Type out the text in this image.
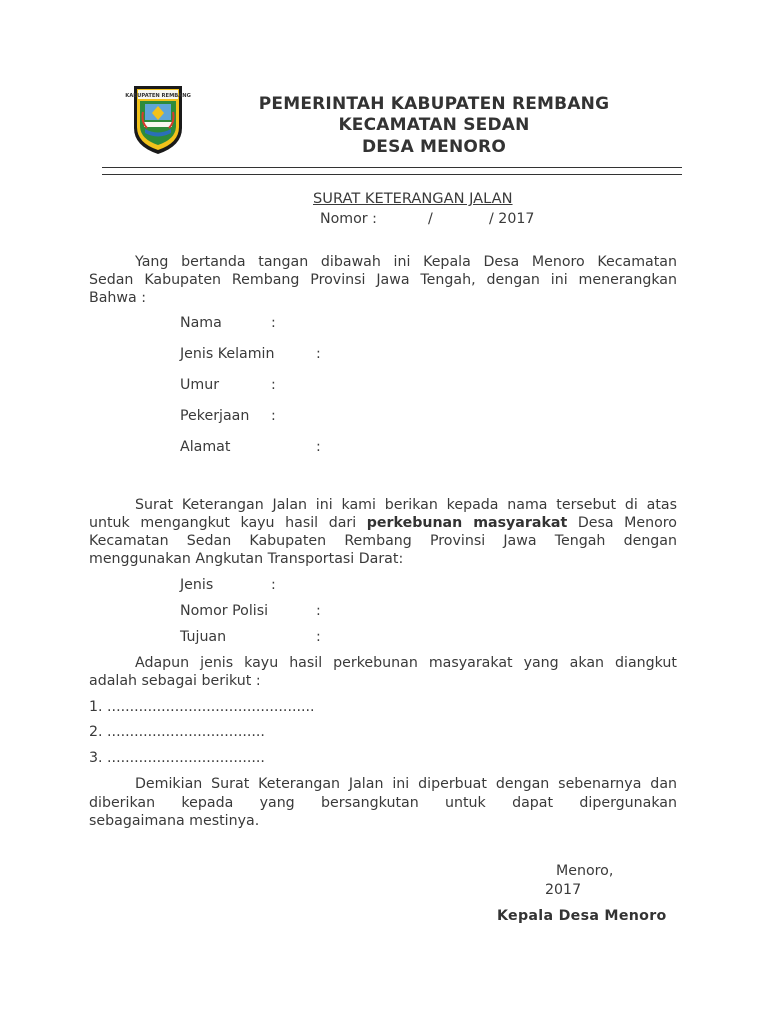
KABUPATEN REMBANG	PEMERINTAH KABUPATEN REMBANG
KECAMATAN SEDAN
DESA MENORO
SURAT KETERANGAN JALAN
Nomor :	/	/ 2017
Yang bertanda tangan dibawah ini Kepala Desa Menoro Kecamatan
Sedan Kabupaten Rembang Provinsi Jawa Tengah, dengan ini menerangkan
Bahwa :
Nama	:
Jenis Kelamin	:
Umur	:
Pekerjaan :
Alamat	:
Surat Keterangan Jalan ini kami berikan kepada nama tersebut di atas
untuk mengangkut kayu hasil dari perkebunan masyarakat Desa Menoro
Kecamatan Sedan Kabupaten Rembang Provinsi Jawa Tengah dengan
menggunakan Angkutan Transportasi Darat:
Jenis	:
Nomor Polisi	:
Tujuan	:
Adapun jenis kayu hasil perkebunan masyarakat yang akan diangkut
adalah sebagai berikut :
1. ..............................................
2. ...................................
3. ...................................
Demikian Surat Keterangan Jalan ini diperbuat dengan sebenarnya dan
diberikan kepada yang bersangkutan untuk dapat dipergunakan
sebagaimana mestinya.
Menoro,
2017
Kepala Desa Menoro
